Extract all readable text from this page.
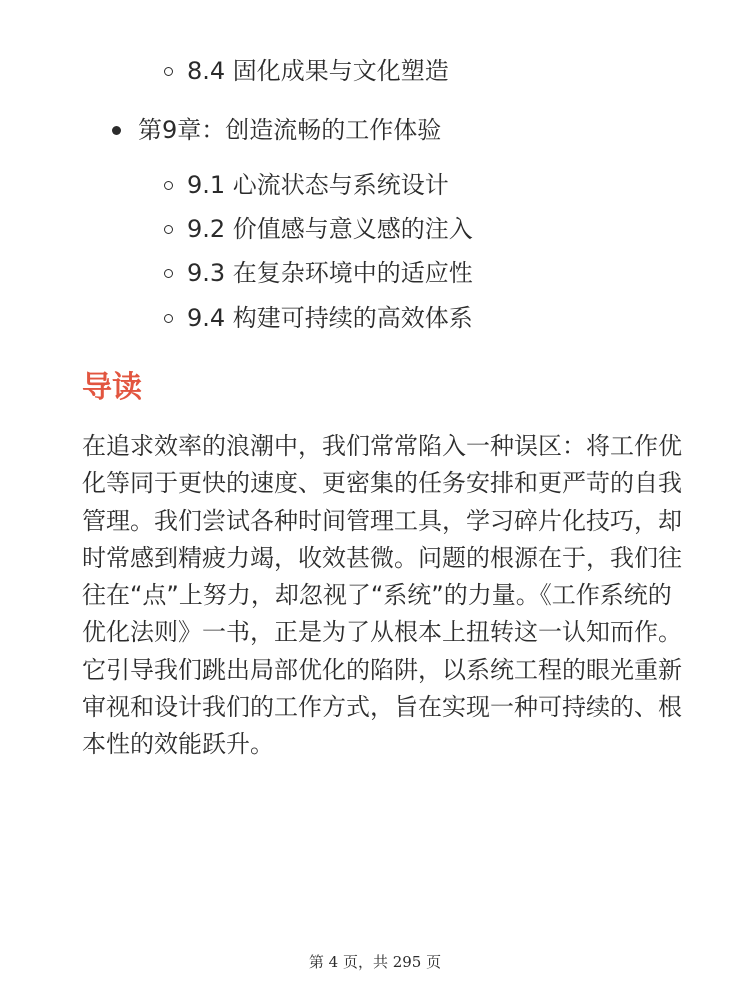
8.4 固化成果与文化塑造
第9章：创造流畅的工作体验
9.1 心流状态与系统设计
9.2 价值感与意义感的注入
9.3 在复杂环境中的适应性
9.4 构建可持续的高效体系
导读

在追求效率的浪潮中，我们常常陷入一种误区：将工作优化等同于更快的速度、更密集的任务安排和更严苛的自我管理。我们尝试各种时间管理工具，学习碎片化技巧，却时常感到精疲力竭，收效甚微。问题的根源在于，我们往往在“点”上努力，却忽视了“系统”的力量。《工作系统的优化法则》一书，正是为了从根本上扭转这一认知而作。它引导我们跳出局部优化的陷阱，以系统工程的眼光重新审视和设计我们的工作方式，旨在实现一种可持续的、根本性的效能跃升。

第 4 页，共 295 页
